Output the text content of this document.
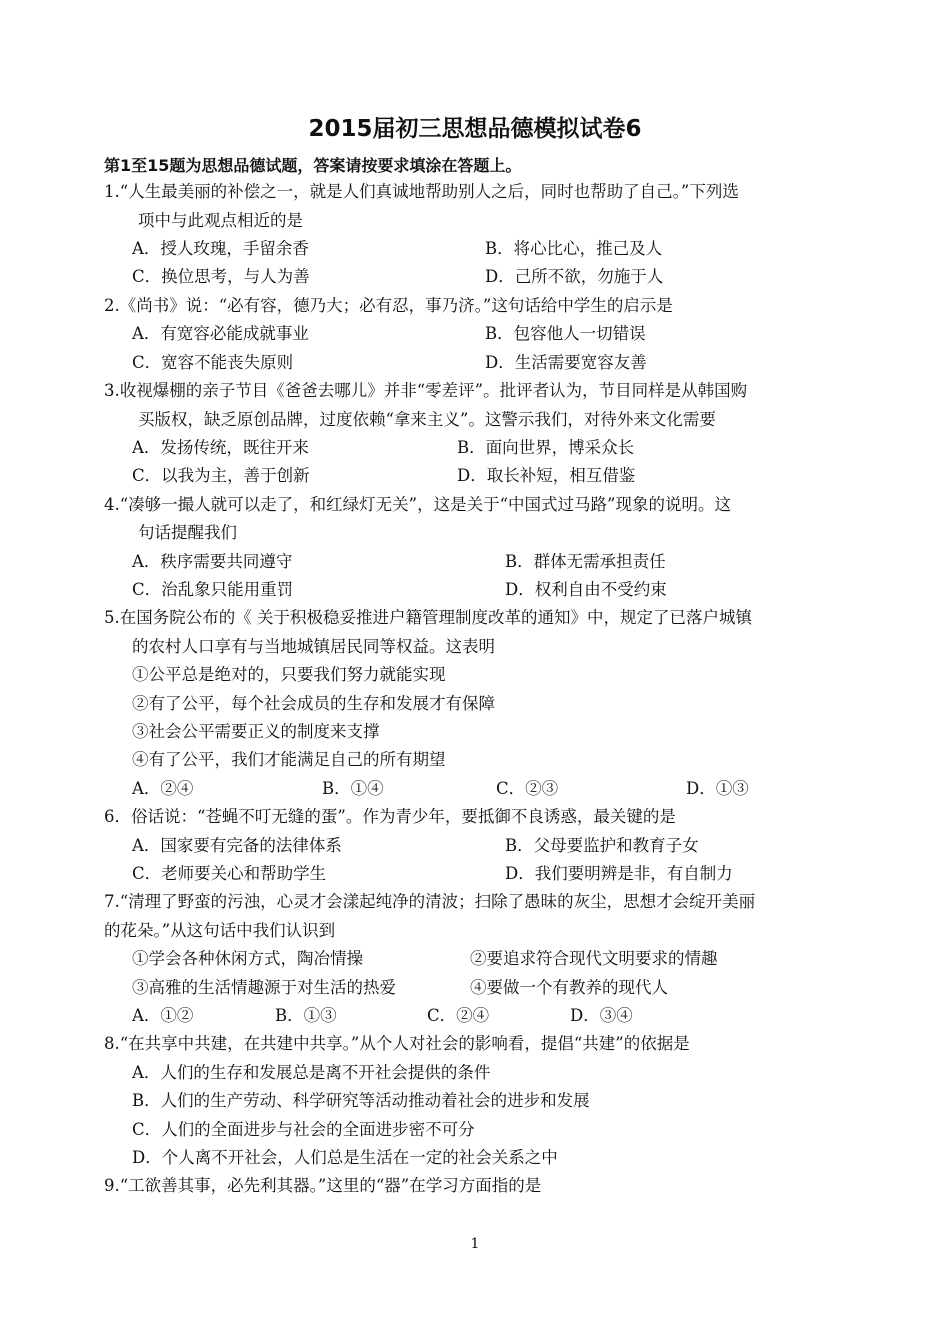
2015届初三思想品德模拟试卷6
第1至15题为思想品德试题，答案请按要求填涂在答题上。
1.“人生最美丽的补偿之一，就是人们真诚地帮助别人之后，同时也帮助了自己。”下列选
项中与此观点相近的是
A．授人玫瑰，手留余香	B．将心比心，推己及人
C．换位思考，与人为善	D．己所不欲，勿施于人
2.《尚书》说：“必有容，德乃大；必有忍，事乃济。”这句话给中学生的启示是
A．有宽容必能成就事业	B．包容他人一切错误
C．宽容不能丧失原则	D．生活需要宽容友善
3.收视爆棚的亲子节目《爸爸去哪儿》并非“零差评”。批评者认为，节目同样是从韩国购
买版权，缺乏原创品牌，过度依赖“拿来主义”。这警示我们，对待外来文化需要
A．发扬传统，既往开来	B．面向世界，博采众长
C．以我为主，善于创新	D．取长补短，相互借鉴
4.“凑够一撮人就可以走了，和红绿灯无关”，这是关于“中国式过马路”现象的说明。这
句话提醒我们
A．秩序需要共同遵守	B．群体无需承担责任
C．治乱象只能用重罚	D．权利自由不受约束
5.在国务院公布的《 关于积极稳妥推进户籍管理制度改革的通知》中，规定了已落户城镇
的农村人口享有与当地城镇居民同等权益。这表明
①公平总是绝对的，只要我们努力就能实现
②有了公平，每个社会成员的生存和发展才有保障
③社会公平需要正义的制度来支撑
④有了公平，我们才能满足自己的所有期望
A．②④	B．①④	C．②③	D．①③
6．俗话说：“苍蝇不叮无缝的蛋”。作为青少年，要抵御不良诱惑，最关键的是
A．国家要有完备的法律体系	B．父母要监护和教育子女
C．老师要关心和帮助学生	D．我们要明辨是非，有自制力
7.“清理了野蛮的污浊，心灵才会漾起纯净的清波；扫除了愚昧的灰尘，思想才会绽开美丽
的花朵。”从这句话中我们认识到
①学会各种休闲方式，陶冶情操	②要追求符合现代文明要求的情趣
③高雅的生活情趣源于对生活的热爱	④要做一个有教养的现代人
A．①②	B．①③	C．②④	D．③④
8.“在共享中共建，在共建中共享。”从个人对社会的影响看，提倡“共建”的依据是
A．人们的生存和发展总是离不开社会提供的条件
B．人们的生产劳动、科学研究等活动推动着社会的进步和发展
C．人们的全面进步与社会的全面进步密不可分
D．个人离不开社会，人们总是生活在一定的社会关系之中
9.“工欲善其事，必先利其器。”这里的“器”在学习方面指的是
1
